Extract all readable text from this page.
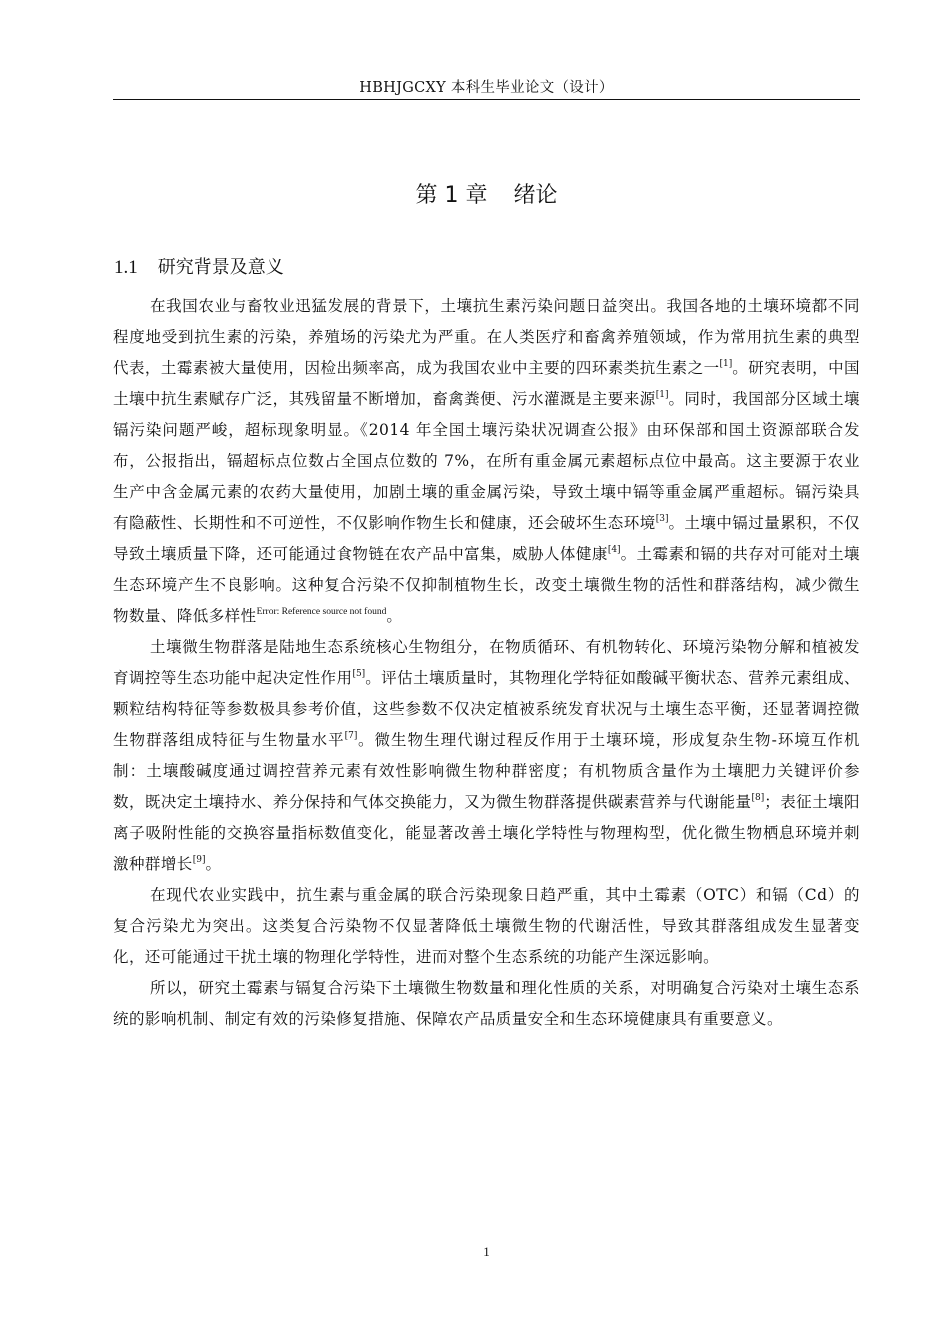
HBHJGCXY 本科生毕业论文（设计）
第 1 章 绪论
1.1 研究背景及意义

在我国农业与畜牧业迅猛发展的背景下，土壤抗生素污染问题日益突出。我国各地的土壤环境都不同程度地受到抗生素的污染，养殖场的污染尤为严重。在人类医疗和畜禽养殖领域，作为常用抗生素的典型代表，土霉素被大量使用，因检出频率高，成为我国农业中主要的四环素类抗生素之一[1]。研究表明，中国土壤中抗生素赋存广泛，其残留量不断增加，畜禽粪便、污水灌溉是主要来源[1]。同时，我国部分区域土壤镉污染问题严峻，超标现象明显。《2014 年全国土壤污染状况调查公报》由环保部和国土资源部联合发布，公报指出，镉超标点位数占全国点位数的 7%，在所有重金属元素超标点位中最高。这主要源于农业生产中含金属元素的农药大量使用，加剧土壤的重金属污染，导致土壤中镉等重金属严重超标。镉污染具有隐蔽性、长期性和不可逆性，不仅影响作物生长和健康，还会破坏生态环境[3]。土壤中镉过量累积，不仅导致土壤质量下降，还可能通过食物链在农产品中富集，威胁人体健康[4]。土霉素和镉的共存对可能对土壤生态环境产生不良影响。这种复合污染不仅抑制植物生长，改变土壤微生物的活性和群落结构，减少微生物数量、降低多样性$^{Error: Reference source not found}$。

土壤微生物群落是陆地生态系统核心生物组分，在物质循环、有机物转化、环境污染物分解和植被发育调控等生态功能中起决定性作用[5]。评估土壤质量时，其物理化学特征如酸碱平衡状态、营养元素组成、颗粒结构特征等参数极具参考价值，这些参数不仅决定植被系统发育状况与土壤生态平衡，还显著调控微生物群落组成特征与生物量水平[7]。微生物生理代谢过程反作用于土壤环境，形成复杂生物-环境互作机制：土壤酸碱度通过调控营养元素有效性影响微生物种群密度；有机物质含量作为土壤肥力关键评价参数，既决定土壤持水、养分保持和气体交换能力，又为微生物群落提供碳素营养与代谢能量[8]；表征土壤阳离子吸附性能的交换容量指标数值变化，能显著改善土壤化学特性与物理构型，优化微生物栖息环境并刺激种群增长[9]。

在现代农业实践中，抗生素与重金属的联合污染现象日趋严重，其中土霉素（OTC）和镉（Cd）的复合污染尤为突出。这类复合污染物不仅显著降低土壤微生物的代谢活性，导致其群落组成发生显著变化，还可能通过干扰土壤的物理化学特性，进而对整个生态系统的功能产生深远影响。

所以，研究土霉素与镉复合污染下土壤微生物数量和理化性质的关系，对明确复合污染对土壤生态系统的影响机制、制定有效的污染修复措施、保障农产品质量安全和生态环境健康具有重要意义。

1
